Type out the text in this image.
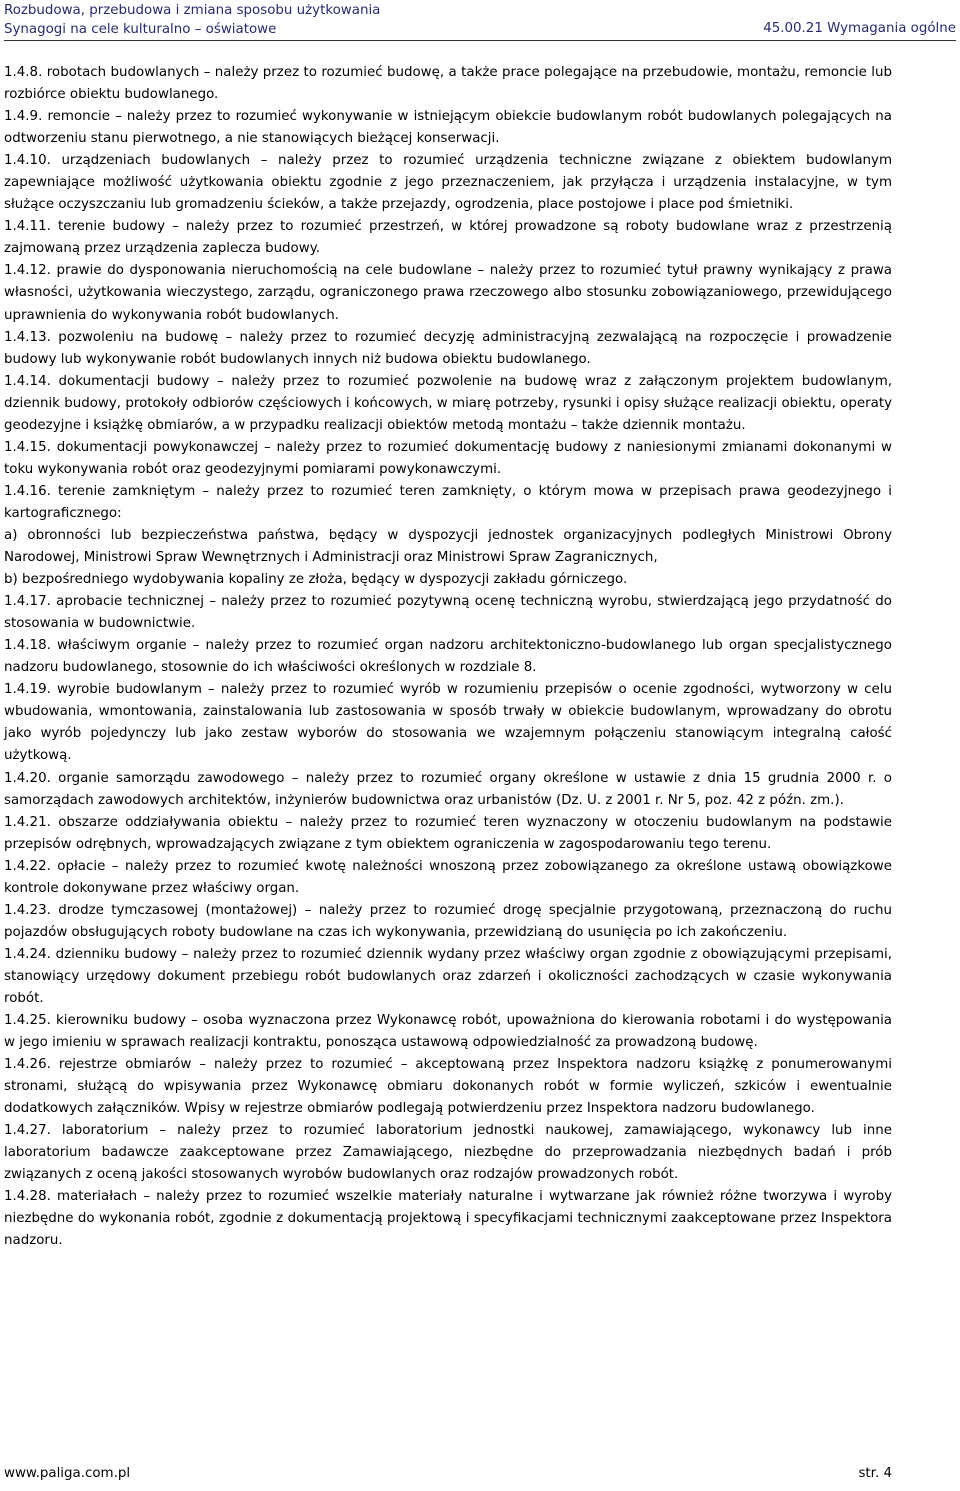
Rozbudowa, przebudowa i zmiana sposobu użytkowania
Synagogi na cele kulturalno – oświatowe	45.00.21 Wymagania ogólne

1.4.8. robotach budowlanych – należy przez to rozumieć budowę, a także prace polegające na przebudowie, montażu, remoncie lub rozbiórce obiektu budowlanego.

1.4.9. remoncie – należy przez to rozumieć wykonywanie w istniejącym obiekcie budowlanym robót budowlanych polegających na odtworzeniu stanu pierwotnego, a nie stanowiących bieżącej konserwacji.

1.4.10. urządzeniach budowlanych – należy przez to rozumieć urządzenia techniczne związane z obiektem budowlanym zapewniające możliwość użytkowania obiektu zgodnie z jego przeznaczeniem, jak przyłącza i urządzenia instalacyjne, w tym służące oczyszczaniu lub gromadzeniu ścieków, a także przejazdy, ogrodzenia, place postojowe i place pod śmietniki.

1.4.11. terenie budowy – należy przez to rozumieć przestrzeń, w której prowadzone są roboty budowlane wraz z przestrzenią zajmowaną przez urządzenia zaplecza budowy.

1.4.12. prawie do dysponowania nieruchomością na cele budowlane – należy przez to rozumieć tytuł prawny wynikający z prawa własności, użytkowania wieczystego, zarządu, ograniczonego prawa rzeczowego albo stosunku zobowiązaniowego, przewidującego uprawnienia do wykonywania robót budowlanych.

1.4.13. pozwoleniu na budowę – należy przez to rozumieć decyzję administracyjną zezwalającą na rozpoczęcie i prowadzenie budowy lub wykonywanie robót budowlanych innych niż budowa obiektu budowlanego.

1.4.14. dokumentacji budowy – należy przez to rozumieć pozwolenie na budowę wraz z załączonym projektem budowlanym, dziennik budowy, protokoły odbiorów częściowych i końcowych, w miarę potrzeby, rysunki i opisy służące realizacji obiektu, operaty geodezyjne i książkę obmiarów, a w przypadku realizacji obiektów metodą montażu – także dziennik montażu.

1.4.15. dokumentacji powykonawczej – należy przez to rozumieć dokumentację budowy z naniesionymi zmianami dokonanymi w toku wykonywania robót oraz geodezyjnymi pomiarami powykonawczymi.

1.4.16. terenie zamkniętym – należy przez to rozumieć teren zamknięty, o którym mowa w przepisach prawa geodezyjnego i kartograficznego:

a) obronności lub bezpieczeństwa państwa, będący w dyspozycji jednostek organizacyjnych podległych Ministrowi Obrony Narodowej, Ministrowi Spraw Wewnętrznych i Administracji oraz Ministrowi Spraw Zagranicznych,

b) bezpośredniego wydobywania kopaliny ze złoża, będący w dyspozycji zakładu górniczego.

1.4.17. aprobacie technicznej – należy przez to rozumieć pozytywną ocenę techniczną wyrobu, stwierdzającą jego przydatność do stosowania w budownictwie.

1.4.18. właściwym organie – należy przez to rozumieć organ nadzoru architektoniczno-budowlanego lub organ specjalistycznego nadzoru budowlanego, stosownie do ich właściwości określonych w rozdziale 8.

1.4.19. wyrobie budowlanym – należy przez to rozumieć wyrób w rozumieniu przepisów o ocenie zgodności, wytworzony w celu wbudowania, wmontowania, zainstalowania lub zastosowania w sposób trwały w obiekcie budowlanym, wprowadzany do obrotu jako wyrób pojedynczy lub jako zestaw wyborów do stosowania we wzajemnym połączeniu stanowiącym integralną całość użytkową.

1.4.20. organie samorządu zawodowego – należy przez to rozumieć organy określone w ustawie z dnia 15 grudnia 2000 r. o samorządach zawodowych architektów, inżynierów budownictwa oraz urbanistów (Dz. U. z 2001 r. Nr 5, poz. 42 z późn. zm.).

1.4.21. obszarze oddziaływania obiektu – należy przez to rozumieć teren wyznaczony w otoczeniu budowlanym na podstawie przepisów odrębnych, wprowadzających związane z tym obiektem ograniczenia w zagospodarowaniu tego terenu.

1.4.22. opłacie – należy przez to rozumieć kwotę należności wnoszoną przez zobowiązanego za określone ustawą obowiązkowe kontrole dokonywane przez właściwy organ.

1.4.23. drodze tymczasowej (montażowej) – należy przez to rozumieć drogę specjalnie przygotowaną, przeznaczoną do ruchu pojazdów obsługujących roboty budowlane na czas ich wykonywania, przewidzianą do usunięcia po ich zakończeniu.

1.4.24. dzienniku budowy – należy przez to rozumieć dziennik wydany przez właściwy organ zgodnie z obowiązującymi przepisami, stanowiący urzędowy dokument przebiegu robót budowlanych oraz zdarzeń i okoliczności zachodzących w czasie wykonywania robót.

1.4.25. kierowniku budowy – osoba wyznaczona przez Wykonawcę robót, upoważniona do kierowania robotami i do występowania w jego imieniu w sprawach realizacji kontraktu, ponosząca ustawową odpowiedzialność za prowadzoną budowę.

1.4.26. rejestrze obmiarów – należy przez to rozumieć – akceptowaną przez Inspektora nadzoru książkę z ponumerowanymi stronami, służącą do wpisywania przez Wykonawcę obmiaru dokonanych robót w formie wyliczeń, szkiców i ewentualnie dodatkowych załączników. Wpisy w rejestrze obmiarów podlegają potwierdzeniu przez Inspektora nadzoru budowlanego.

1.4.27. laboratorium – należy przez to rozumieć laboratorium jednostki naukowej, zamawiającego, wykonawcy lub inne laboratorium badawcze zaakceptowane przez Zamawiającego, niezbędne do przeprowadzania niezbędnych badań i prób związanych z oceną jakości stosowanych wyrobów budowlanych oraz rodzajów prowadzonych robót.

1.4.28. materiałach – należy przez to rozumieć wszelkie materiały naturalne i wytwarzane jak również różne tworzywa i wyroby niezbędne do wykonania robót, zgodnie z dokumentacją projektową i specyfikacjami technicznymi zaakceptowane przez Inspektora nadzoru.

www.paliga.com.pl	str. 4
